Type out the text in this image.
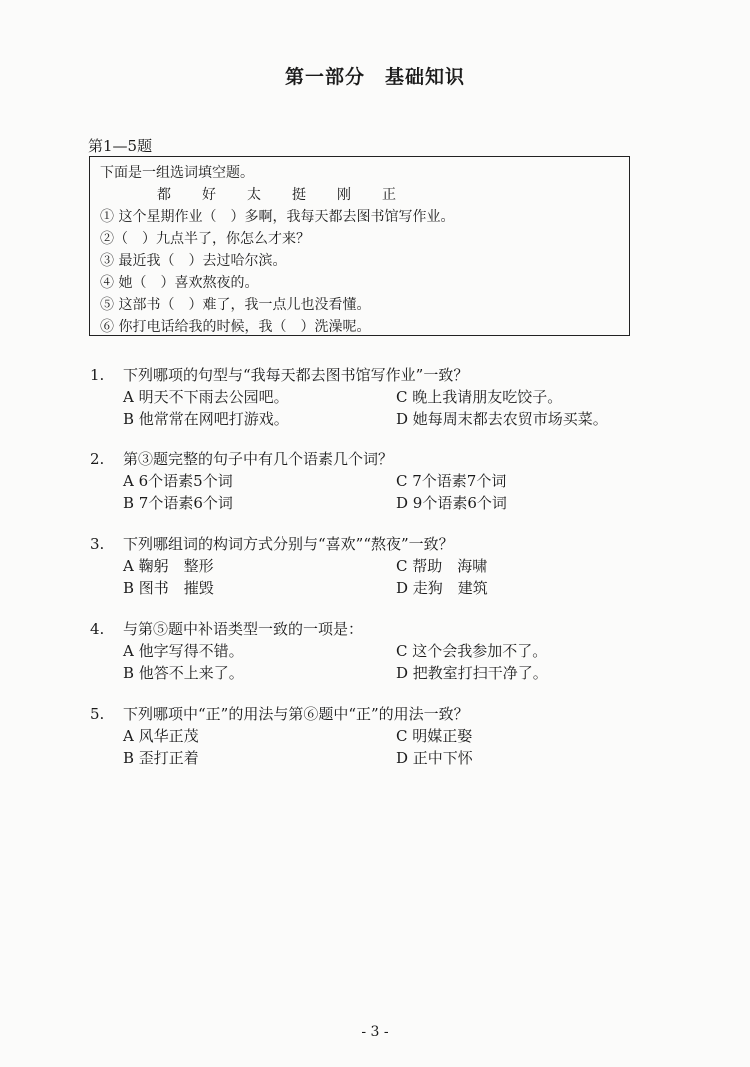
第一部分　基础知识
第1—5题
下面是一组选词填空题。
都 好 太 挺 刚 正
① 这个星期作业（　）多啊，我每天都去图书馆写作业。
②（　）九点半了，你怎么才来？
③ 最近我（　）去过哈尔滨。
④ 她（　）喜欢熬夜的。
⑤ 这部书（　）难了，我一点儿也没看懂。
⑥ 你打电话给我的时候，我（　）洗澡呢。
1. 下列哪项的句型与“我每天都去图书馆写作业”一致？
A 明天不下雨去公园吧。	C 晚上我请朋友吃饺子。
B 他常常在网吧打游戏。	D 她每周末都去农贸市场买菜。
2. 第③题完整的句子中有几个语素几个词？
A 6个语素5个词	C 7个语素7个词
B 7个语素6个词	D 9个语素6个词
3. 下列哪组词的构词方式分别与“喜欢”“熬夜”一致？
A 鞠躬　整形	C 帮助　海啸
B 图书　摧毁	D 走狗　建筑
4. 与第⑤题中补语类型一致的一项是：
A 他字写得不错。	C 这个会我参加不了。
B 他答不上来了。	D 把教室打扫干净了。
5. 下列哪项中“正”的用法与第⑥题中“正”的用法一致？
A 风华正茂	C 明媒正娶
B 歪打正着	D 正中下怀
- 3 -
